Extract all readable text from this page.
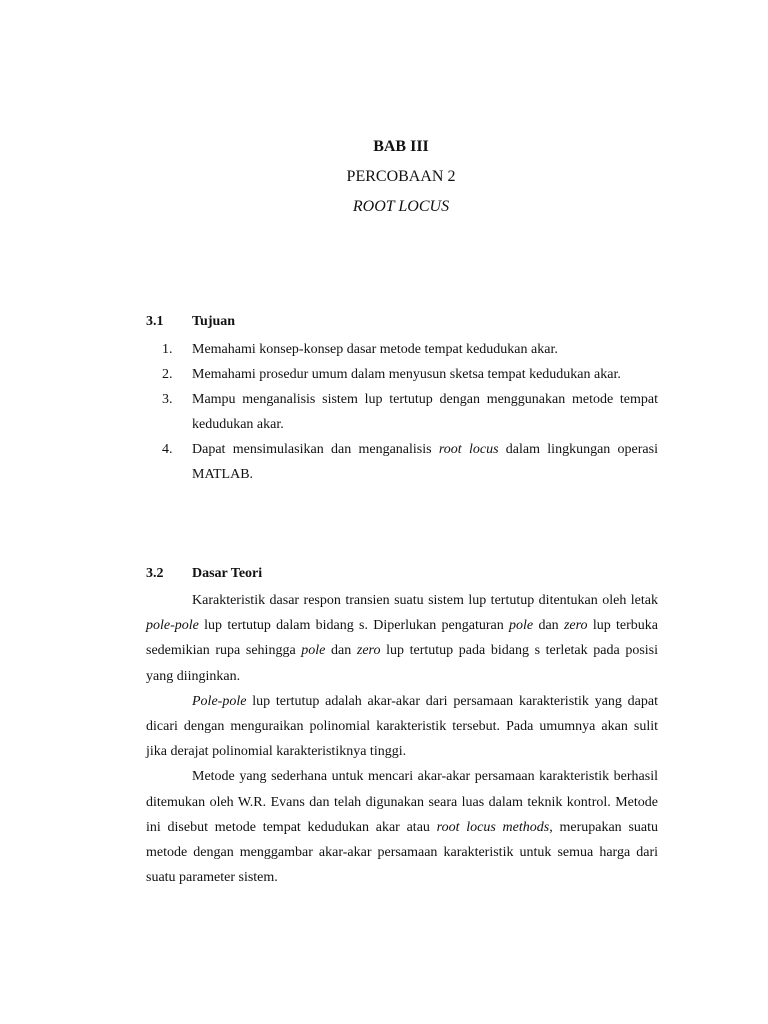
BAB III
PERCOBAAN 2
ROOT LOCUS
3.1 Tujuan
1.	Memahami konsep-konsep dasar metode tempat kedudukan akar.
2.	Memahami prosedur umum dalam menyusun sketsa tempat kedudukan akar.
3.	Mampu menganalisis sistem lup tertutup dengan menggunakan metode tempat kedudukan akar.
4.	Dapat mensimulasikan dan menganalisis root locus dalam lingkungan operasi MATLAB.
3.2 Dasar Teori

Karakteristik dasar respon transien suatu sistem lup tertutup ditentukan oleh letak pole-pole lup tertutup dalam bidang s. Diperlukan pengaturan pole dan zero lup terbuka sedemikian rupa sehingga pole dan zero lup tertutup pada bidang s terletak pada posisi yang diinginkan.

Pole-pole lup tertutup adalah akar-akar dari persamaan karakteristik yang dapat dicari dengan menguraikan polinomial karakteristik tersebut. Pada umumnya akan sulit jika derajat polinomial karakteristiknya tinggi.

Metode yang sederhana untuk mencari akar-akar persamaan karakteristik berhasil ditemukan oleh W.R. Evans dan telah digunakan seara luas dalam teknik kontrol. Metode ini disebut metode tempat kedudukan akar atau root locus methods, merupakan suatu metode dengan menggambar akar-akar persamaan karakteristik untuk semua harga dari suatu parameter sistem.
